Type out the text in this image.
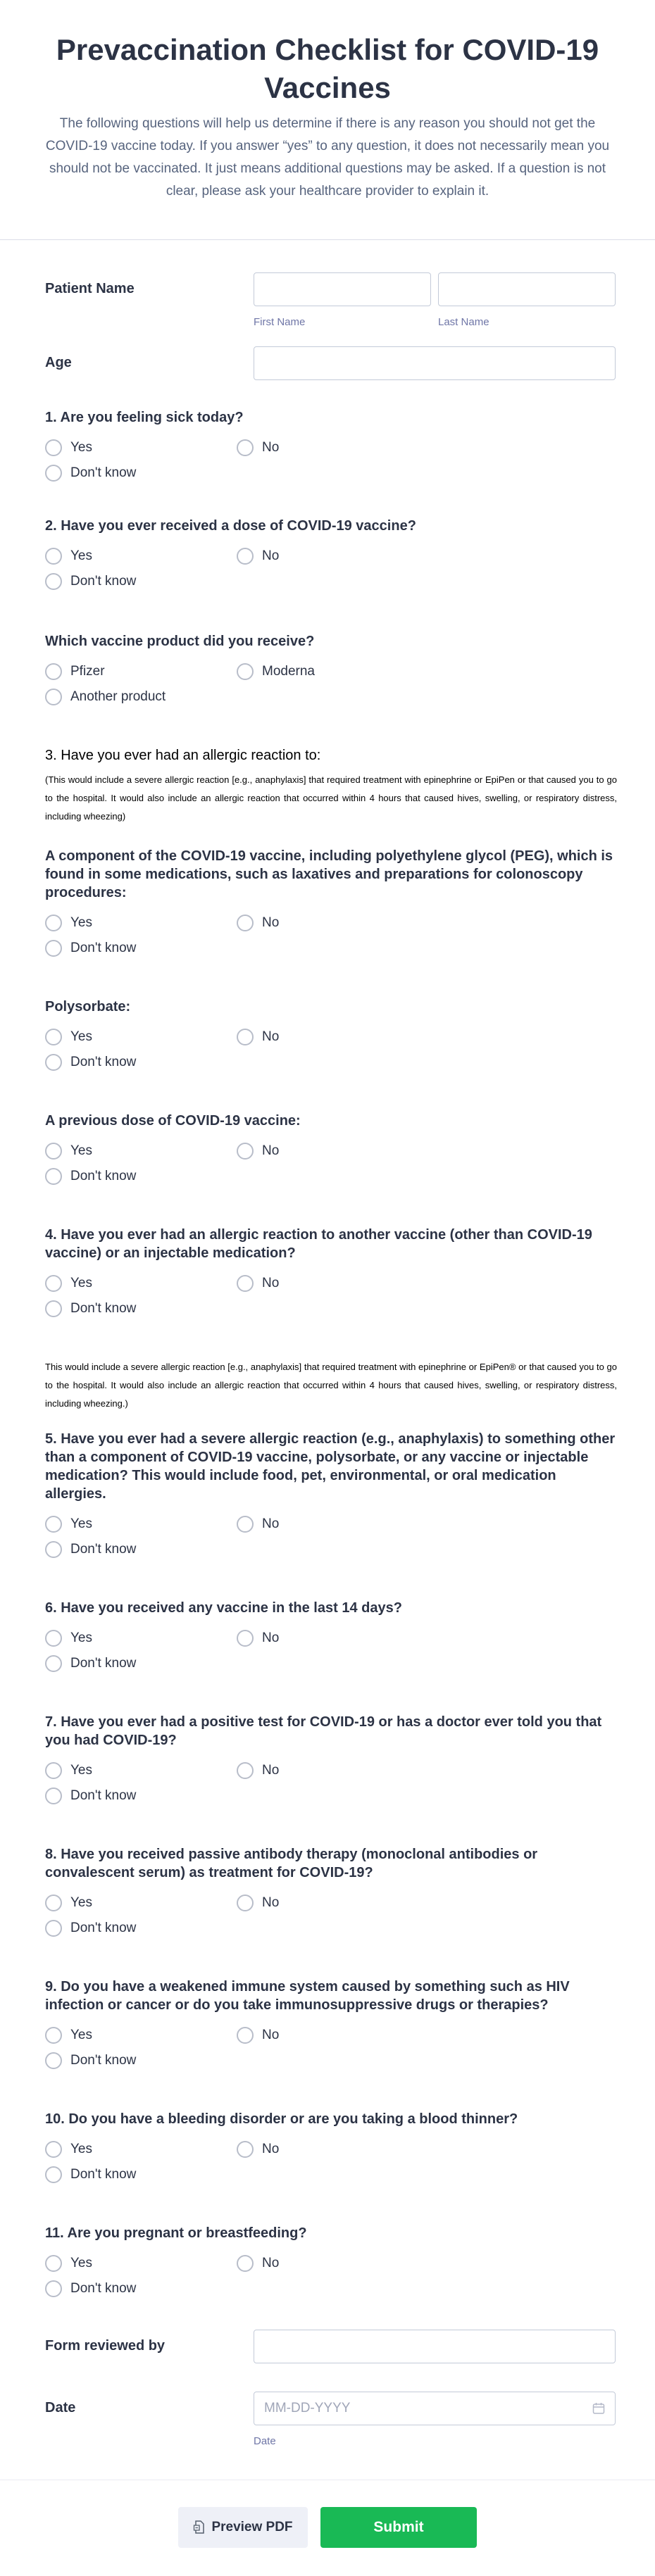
Prevaccination Checklist for COVID-19 Vaccines
The following questions will help us determine if there is any reason you should not get the COVID-19 vaccine today. If you answer “yes” to any question, it does not necessarily mean you should not be vaccinated. It just means additional questions may be asked. If a question is not clear, please ask your healthcare provider to explain it.
Patient Name
First Name	Last Name
Age
1. Are you feeling sick today?
Yes	No
Don't know
2. Have you ever received a dose of COVID-19 vaccine?
Yes	No
Don't know
Which vaccine product did you receive?
Pfizer	Moderna
Another product
3. Have you ever had an allergic reaction to:
(This would include a severe allergic reaction [e.g., anaphylaxis] that required treatment with epinephrine or EpiPen or that caused you to go to the hospital. It would also include an allergic reaction that occurred within 4 hours that caused hives, swelling, or respiratory distress, including wheezing)
A component of the COVID-19 vaccine, including polyethylene glycol (PEG), which is found in some medications, such as laxatives and preparations for colonoscopy procedures:
Yes	No
Don't know
Polysorbate:
Yes	No
Don't know
A previous dose of COVID-19 vaccine:
Yes	No
Don't know
4. Have you ever had an allergic reaction to another vaccine (other than COVID-19 vaccine) or an injectable medication?
Yes	No
Don't know
This would include a severe allergic reaction [e.g., anaphylaxis] that required treatment with epinephrine or EpiPen® or that caused you to go to the hospital. It would also include an allergic reaction that occurred within 4 hours that caused hives, swelling, or respiratory distress, including wheezing.)
5. Have you ever had a severe allergic reaction (e.g., anaphylaxis) to something other than a component of COVID-19 vaccine, polysorbate, or any vaccine or injectable medication? This would include food, pet, environmental, or oral medication allergies.
Yes	No
Don't know
6. Have you received any vaccine in the last 14 days?
Yes	No
Don't know
7. Have you ever had a positive test for COVID-19 or has a doctor ever told you that you had COVID-19?
Yes	No
Don't know
8. Have you received passive antibody therapy (monoclonal antibodies or convalescent serum) as treatment for COVID-19?
Yes	No
Don't know
9. Do you have a weakened immune system caused by something such as HIV infection or cancer or do you take immunosuppressive drugs or therapies?
Yes	No
Don't know
10. Do you have a bleeding disorder or are you taking a blood thinner?
Yes	No
Don't know
11. Are you pregnant or breastfeeding?
Yes	No
Don't know
Form reviewed by
Date	MM-DD-YYYY
Date
Preview PDF	Submit
